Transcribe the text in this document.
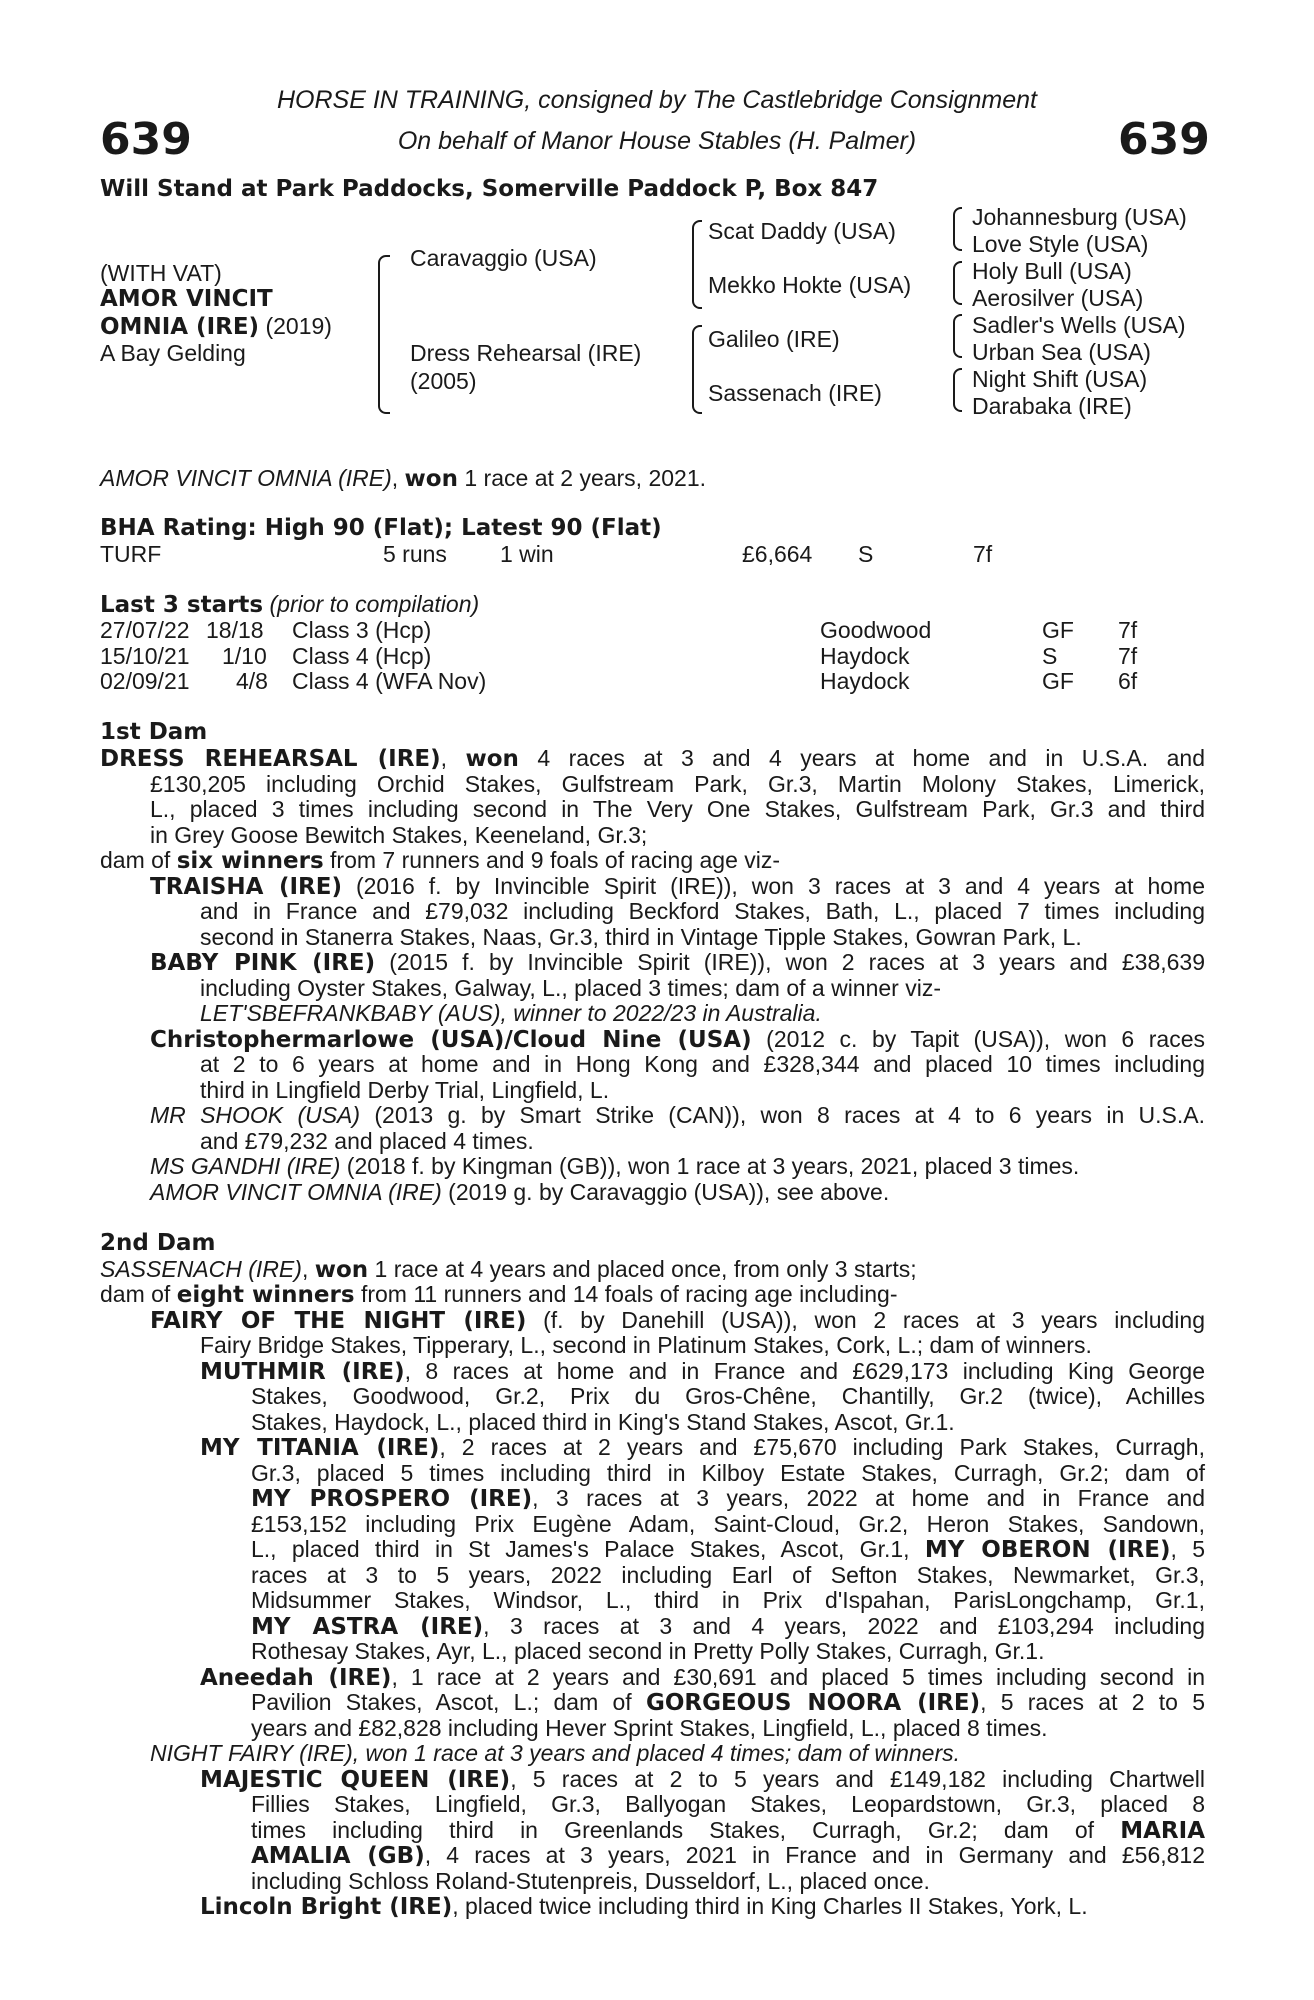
639	639
HORSE IN TRAINING, consigned by The Castlebridge Consignment
On behalf of Manor House Stables (H. Palmer)
Will Stand at Park Paddocks, Somerville Paddock P, Box 847
(WITH VAT)
AMOR VINCIT
OMNIA (IRE) (2019)
A Bay Gelding
Caravaggio (USA)
Dress Rehearsal (IRE)
(2005)
Scat Daddy (USA)
Mekko Hokte (USA)
Galileo (IRE)
Sassenach (IRE)
Johannesburg (USA)
Love Style (USA)
Holy Bull (USA)
Aerosilver (USA)
Sadler's Wells (USA)
Urban Sea (USA)
Night Shift (USA)
Darabaka (IRE)
AMOR VINCIT OMNIA (IRE), won 1 race at 2 years, 2021.
BHA Rating: High 90 (Flat); Latest 90 (Flat)
TURF	5 runs 1 win	£6,664 S	7f
Last 3 starts (prior to compilation)
27/07/22 18/18 Class 3 (Hcp)	Goodwood	GF 7f
15/10/21 1/10 Class 4 (Hcp)	Haydock	S	7f
02/09/21 4/8 Class 4 (WFA Nov)	Haydock	GF 6f
1st Dam
DRESS REHEARSAL (IRE), won 4 races at 3 and 4 years at home and in U.S.A. and
£130,205 including Orchid Stakes, Gulfstream Park, Gr.3, Martin Molony Stakes, Limerick,
L., placed 3 times including second in The Very One Stakes, Gulfstream Park, Gr.3 and third
in Grey Goose Bewitch Stakes, Keeneland, Gr.3;
dam of six winners from 7 runners and 9 foals of racing age viz-
TRAISHA (IRE) (2016 f. by Invincible Spirit (IRE)), won 3 races at 3 and 4 years at home
and in France and £79,032 including Beckford Stakes, Bath, L., placed 7 times including
second in Stanerra Stakes, Naas, Gr.3, third in Vintage Tipple Stakes, Gowran Park, L.
BABY PINK (IRE) (2015 f. by Invincible Spirit (IRE)), won 2 races at 3 years and £38,639
including Oyster Stakes, Galway, L., placed 3 times; dam of a winner viz-
LET'SBEFRANKBABY (AUS), winner to 2022/23 in Australia.
Christophermarlowe (USA)/Cloud Nine (USA) (2012 c. by Tapit (USA)), won 6 races
at 2 to 6 years at home and in Hong Kong and £328,344 and placed 10 times including
third in Lingfield Derby Trial, Lingfield, L.
MR SHOOK (USA) (2013 g. by Smart Strike (CAN)), won 8 races at 4 to 6 years in U.S.A.
and £79,232 and placed 4 times.
MS GANDHI (IRE) (2018 f. by Kingman (GB)), won 1 race at 3 years, 2021, placed 3 times.
AMOR VINCIT OMNIA (IRE) (2019 g. by Caravaggio (USA)), see above.
2nd Dam
SASSENACH (IRE), won 1 race at 4 years and placed once, from only 3 starts;
dam of eight winners from 11 runners and 14 foals of racing age including-
FAIRY OF THE NIGHT (IRE) (f. by Danehill (USA)), won 2 races at 3 years including
Fairy Bridge Stakes, Tipperary, L., second in Platinum Stakes, Cork, L.; dam of winners.
MUTHMIR (IRE), 8 races at home and in France and £629,173 including King George
Stakes, Goodwood, Gr.2, Prix du Gros-Chêne, Chantilly, Gr.2 (twice), Achilles
Stakes, Haydock, L., placed third in King's Stand Stakes, Ascot, Gr.1.
MY TITANIA (IRE), 2 races at 2 years and £75,670 including Park Stakes, Curragh,
Gr.3, placed 5 times including third in Kilboy Estate Stakes, Curragh, Gr.2; dam of
MY PROSPERO (IRE), 3 races at 3 years, 2022 at home and in France and
£153,152 including Prix Eugène Adam, Saint-Cloud, Gr.2, Heron Stakes, Sandown,
L., placed third in St James's Palace Stakes, Ascot, Gr.1, MY OBERON (IRE), 5
races at 3 to 5 years, 2022 including Earl of Sefton Stakes, Newmarket, Gr.3,
Midsummer Stakes, Windsor, L., third in Prix d'Ispahan, ParisLongchamp, Gr.1,
MY ASTRA (IRE), 3 races at 3 and 4 years, 2022 and £103,294 including
Rothesay Stakes, Ayr, L., placed second in Pretty Polly Stakes, Curragh, Gr.1.
Aneedah (IRE), 1 race at 2 years and £30,691 and placed 5 times including second in
Pavilion Stakes, Ascot, L.; dam of GORGEOUS NOORA (IRE), 5 races at 2 to 5
years and £82,828 including Hever Sprint Stakes, Lingfield, L., placed 8 times.
NIGHT FAIRY (IRE), won 1 race at 3 years and placed 4 times; dam of winners.
MAJESTIC QUEEN (IRE), 5 races at 2 to 5 years and £149,182 including Chartwell
Fillies Stakes, Lingfield, Gr.3, Ballyogan Stakes, Leopardstown, Gr.3, placed 8
times including third in Greenlands Stakes, Curragh, Gr.2; dam of MARIA
AMALIA (GB), 4 races at 3 years, 2021 in France and in Germany and £56,812
including Schloss Roland-Stutenpreis, Dusseldorf, L., placed once.
Lincoln Bright (IRE), placed twice including third in King Charles II Stakes, York, L.
